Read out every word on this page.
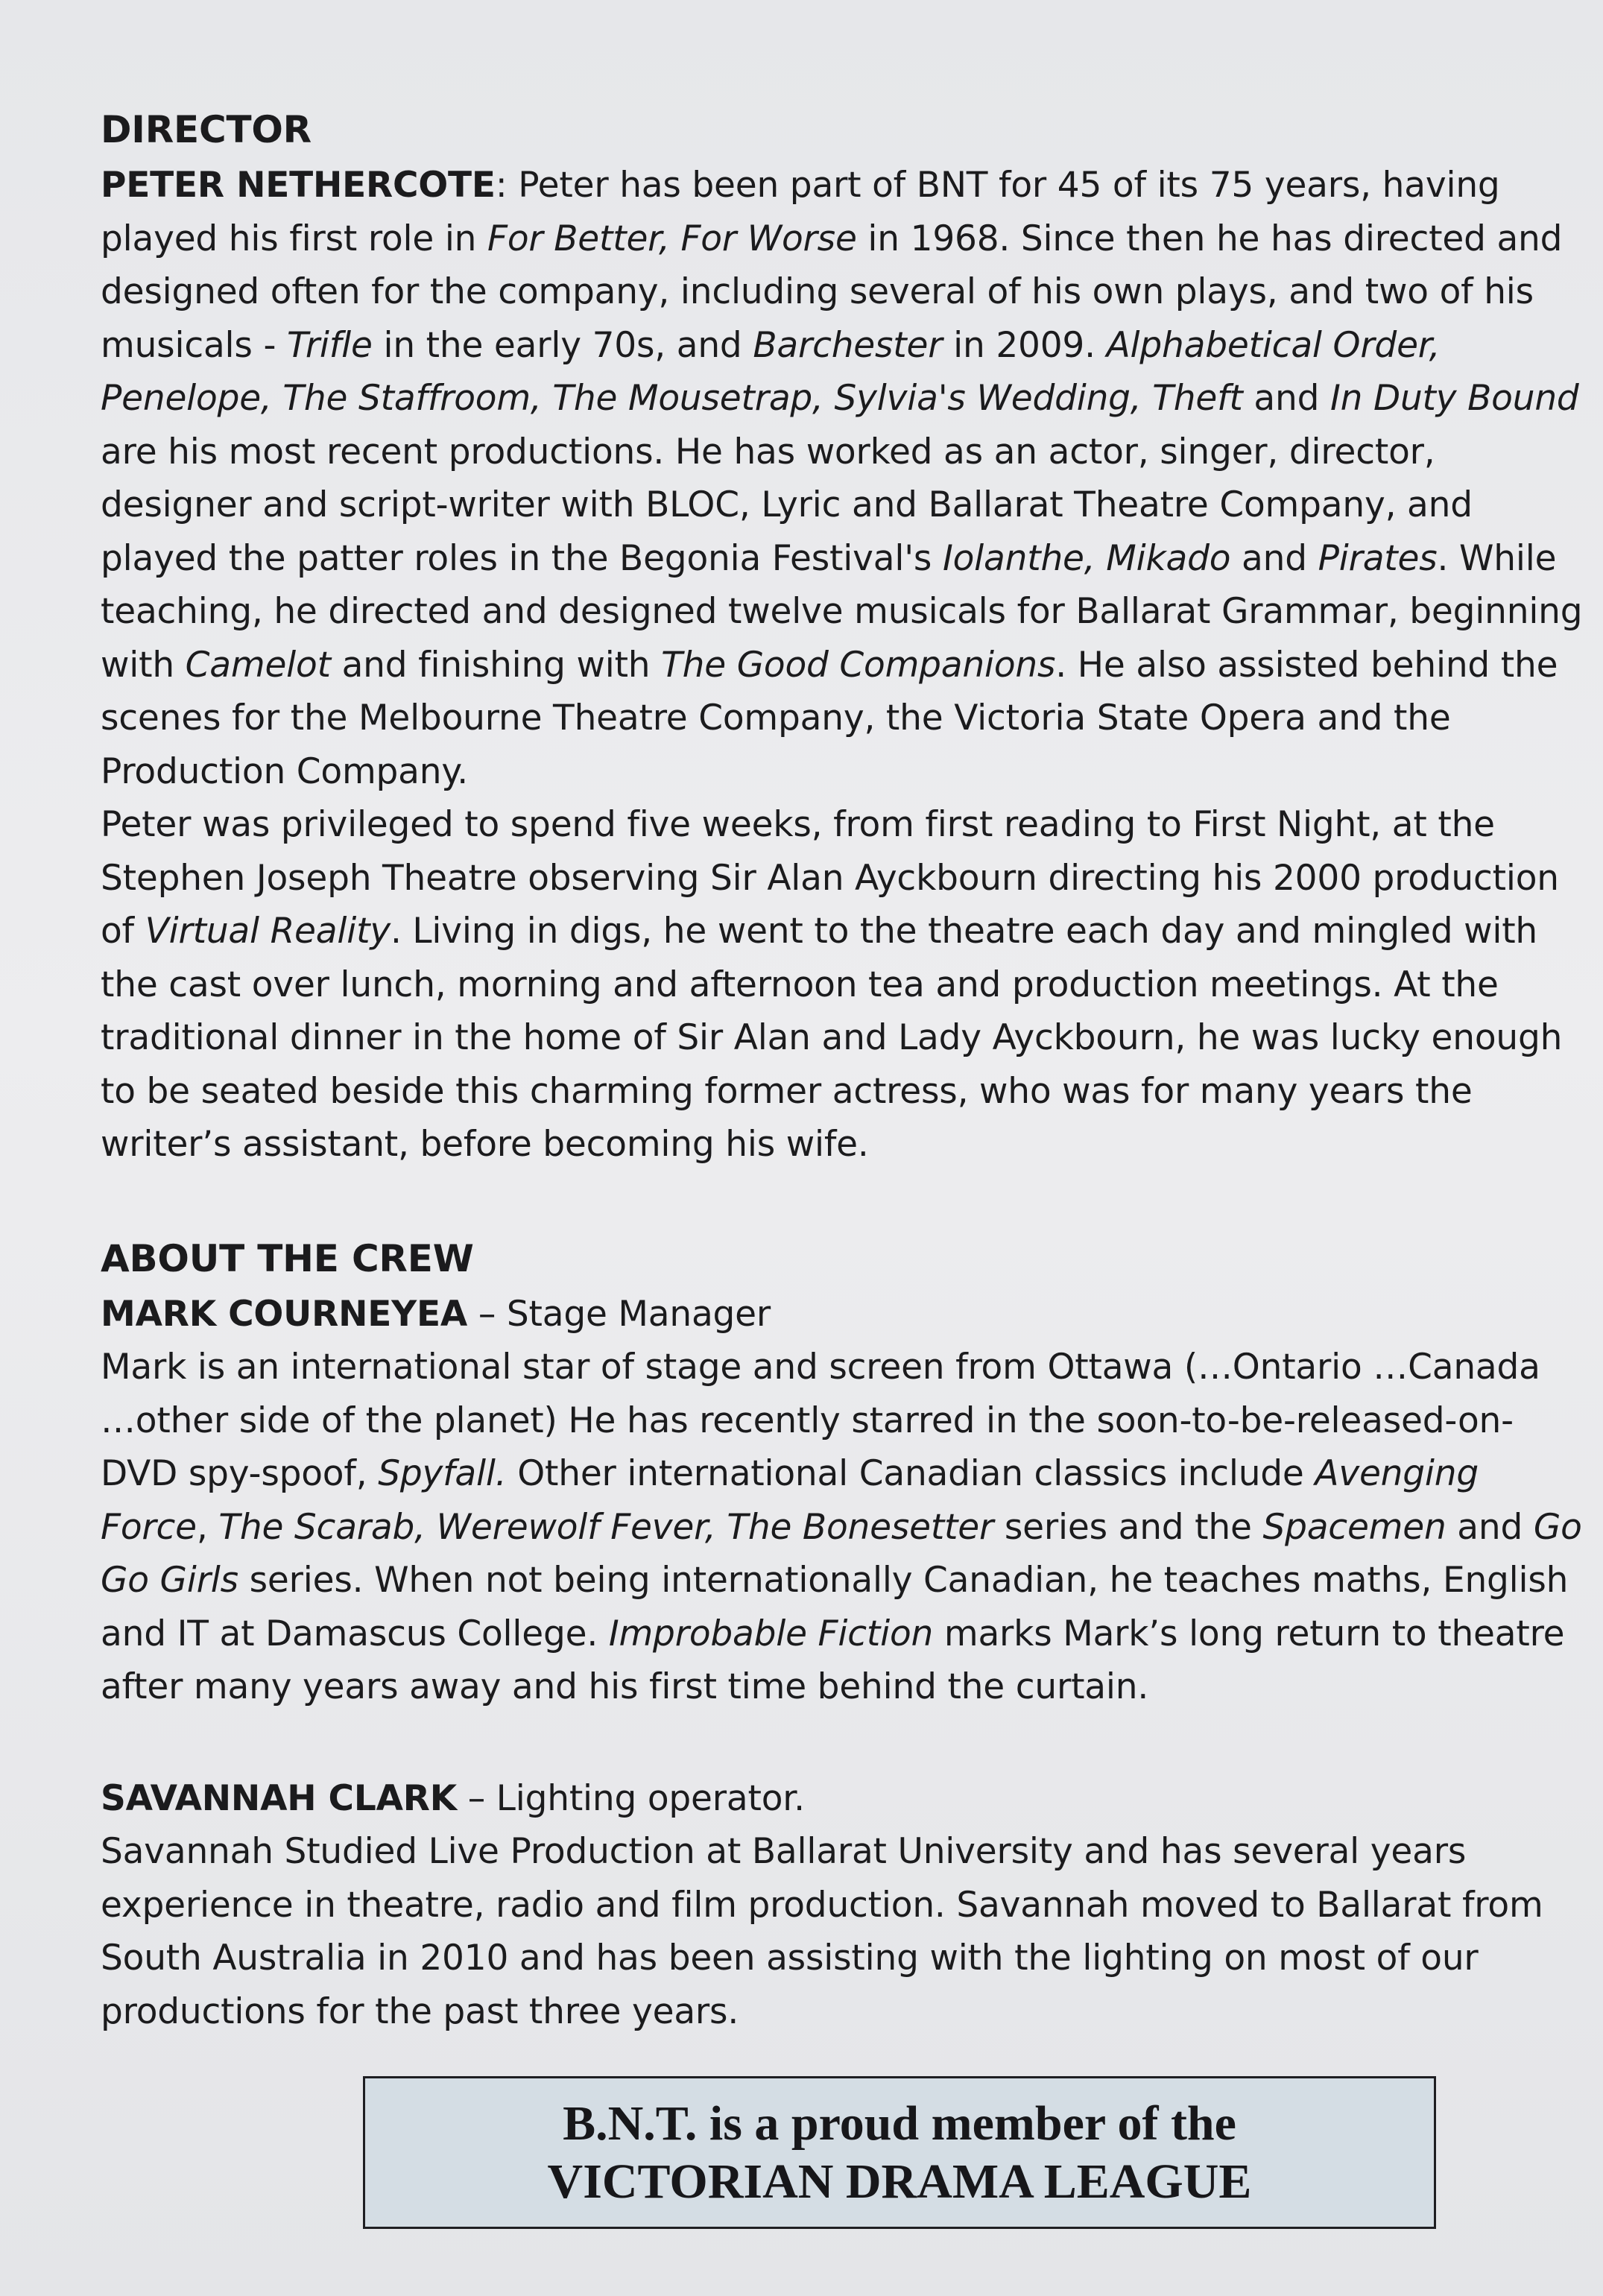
DIRECTOR

PETER NETHERCOTE: Peter has been part of BNT for 45 of its 75 years, having played his first role in For Better, For Worse in 1968. Since then he has directed and designed often for the company, including several of his own plays, and two of his musicals - Trifle in the early 70s, and Barchester in 2009. Alphabetical Order, Penelope, The Staffroom, The Mousetrap, Sylvia's Wedding, Theft and In Duty Bound are his most recent productions. He has worked as an actor, singer, director, designer and script-writer with BLOC, Lyric and Ballarat Theatre Company, and played the patter roles in the Begonia Festival's Iolanthe, Mikado and Pirates. While teaching, he directed and designed twelve musicals for Ballarat Grammar, beginning with Camelot and finishing with The Good Companions. He also assisted behind the scenes for the Melbourne Theatre Company, the Victoria State Opera and the Production Company.

Peter was privileged to spend five weeks, from first reading to First Night, at the Stephen Joseph Theatre observing Sir Alan Ayckbourn directing his 2000 production of Virtual Reality. Living in digs, he went to the theatre each day and mingled with the cast over lunch, morning and afternoon tea and production meetings. At the traditional dinner in the home of Sir Alan and Lady Ayckbourn, he was lucky enough to be seated beside this charming former actress, who was for many years the writer’s assistant, before becoming his wife.

ABOUT THE CREW

MARK COURNEYEA – Stage Manager

Mark is an international star of stage and screen from Ottawa (…Ontario …Canada …other side of the planet) He has recently starred in the soon-to-be-released-on-DVD spy-spoof, Spyfall. Other international Canadian classics include Avenging Force, The Scarab, Werewolf Fever, The Bonesetter series and the Spacemen and Go Go Girls series. When not being internationally Canadian, he teaches maths, English and IT at Damascus College. Improbable Fiction marks Mark’s long return to theatre after many years away and his first time behind the curtain.

SAVANNAH CLARK – Lighting operator.

Savannah Studied Live Production at Ballarat University and has several years experience in theatre, radio and film production. Savannah moved to Ballarat from South Australia in 2010 and has been assisting with the lighting on most of our productions for the past three years.

B.N.T. is a proud member of the
VICTORIAN DRAMA LEAGUE
